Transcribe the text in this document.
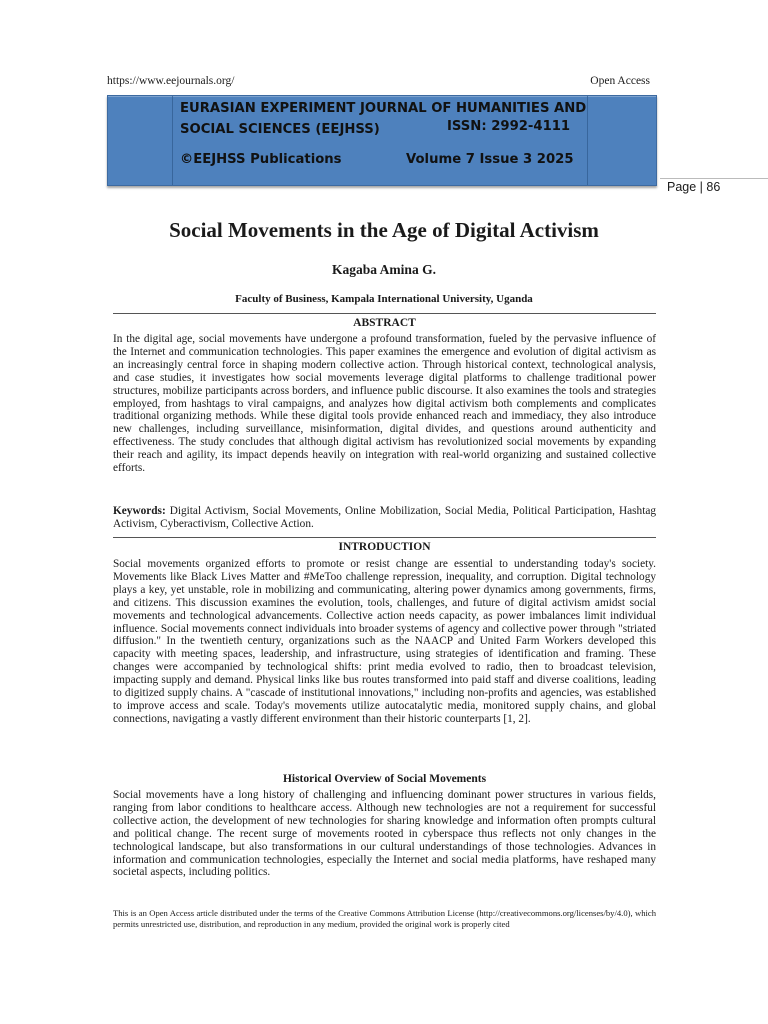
https://www.eejournals.org/	Open Access
EURASIAN EXPERIMENT JOURNAL OF HUMANITIES AND
SOCIAL SCIENCES (EEJHSS)	ISSN: 2992-4111
©EEJHSS Publications	Volume 7 Issue 3 2025
Page | 86
Social Movements in the Age of Digital Activism
Kagaba Amina G.
Faculty of Business, Kampala International University, Uganda
ABSTRACT
In the digital age, social movements have undergone a profound transformation, fueled by the pervasive influence of the Internet and communication technologies. This paper examines the emergence and evolution of digital activism as an increasingly central force in shaping modern collective action. Through historical context, technological analysis, and case studies, it investigates how social movements leverage digital platforms to challenge traditional power structures, mobilize participants across borders, and influence public discourse. It also examines the tools and strategies employed, from hashtags to viral campaigns, and analyzes how digital activism both complements and complicates traditional organizing methods. While these digital tools provide enhanced reach and immediacy, they also introduce new challenges, including surveillance, misinformation, digital divides, and questions around authenticity and effectiveness. The study concludes that although digital activism has revolutionized social movements by expanding their reach and agility, its impact depends heavily on integration with real-world organizing and sustained collective efforts.
Keywords: Digital Activism, Social Movements, Online Mobilization, Social Media, Political Participation, Hashtag Activism, Cyberactivism, Collective Action.
INTRODUCTION
Social movements organized efforts to promote or resist change are essential to understanding today's society. Movements like Black Lives Matter and #MeToo challenge repression, inequality, and corruption. Digital technology plays a key, yet unstable, role in mobilizing and communicating, altering power dynamics among governments, firms, and citizens. This discussion examines the evolution, tools, challenges, and future of digital activism amidst social movements and technological advancements. Collective action needs capacity, as power imbalances limit individual influence. Social movements connect individuals into broader systems of agency and collective power through "striated diffusion." In the twentieth century, organizations such as the NAACP and United Farm Workers developed this capacity with meeting spaces, leadership, and infrastructure, using strategies of identification and framing. These changes were accompanied by technological shifts: print media evolved to radio, then to broadcast television, impacting supply and demand. Physical links like bus routes transformed into paid staff and diverse coalitions, leading to digitized supply chains. A "cascade of institutional innovations," including non-profits and agencies, was established to improve access and scale. Today's movements utilize autocatalytic media, monitored supply chains, and global connections, navigating a vastly different environment than their historic counterparts [1, 2].
Historical Overview of Social Movements
Social movements have a long history of challenging and influencing dominant power structures in various fields, ranging from labor conditions to healthcare access. Although new technologies are not a requirement for successful collective action, the development of new technologies for sharing knowledge and information often prompts cultural and political change. The recent surge of movements rooted in cyberspace thus reflects not only changes in the technological landscape, but also transformations in our cultural understandings of those technologies. Advances in information and communication technologies, especially the Internet and social media platforms, have reshaped many societal aspects, including politics.
This is an Open Access article distributed under the terms of the Creative Commons Attribution License (http://creativecommons.org/licenses/by/4.0), which permits unrestricted use, distribution, and reproduction in any medium, provided the original work is properly cited
